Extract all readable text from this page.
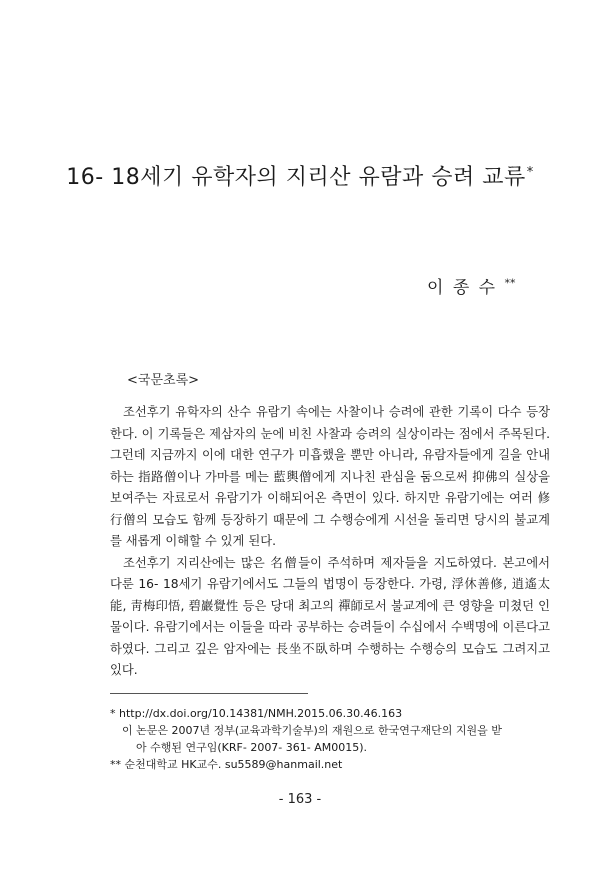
16- 18세기 유학자의 지리산 유람과 승려 교류*
이 종 수 **
<국문초록>

조선후기 유학자의 산수 유람기 속에는 사찰이나 승려에 관한 기록이 다수 등장한다. 이 기록들은 제삼자의 눈에 비친 사찰과 승려의 실상이라는 점에서 주목된다. 그런데 지금까지 이에 대한 연구가 미흡했을 뿐만 아니라, 유람자들에게 길을 안내하는 指路僧이나 가마를 메는 藍輿僧에게 지나친 관심을 둠으로써 抑佛의 실상을 보여주는 자료로서 유람기가 이해되어온 측면이 있다. 하지만 유람기에는 여러 修行僧의 모습도 함께 등장하기 때문에 그 수행승에게 시선을 돌리면 당시의 불교계를 새롭게 이해할 수 있게 된다.

조선후기 지리산에는 많은 名僧들이 주석하며 제자들을 지도하였다. 본고에서 다룬 16- 18세기 유람기에서도 그들의 법명이 등장한다. 가령, 浮休善修, 逍遙太能, 靑梅印悟, 碧巖覺性 등은 당대 최고의 禪師로서 불교계에 큰 영향을 미쳤던 인물이다. 유람기에서는 이들을 따라 공부하는 승려들이 수십에서 수백명에 이른다고 하였다. 그리고 깊은 암자에는 長坐不臥하며 수행하는 수행승의 모습도 그려지고 있다.

* http://dx.doi.org/10.14381/NMH.2015.06.30.46.163

이 논문은 2007년 정부(교육과학기술부)의 재원으로 한국연구재단의 지원을 받

아 수행된 연구임(KRF- 2007- 361- AM0015).

** 순천대학교 HK교수. su5589@hanmail.net

- 163 -
